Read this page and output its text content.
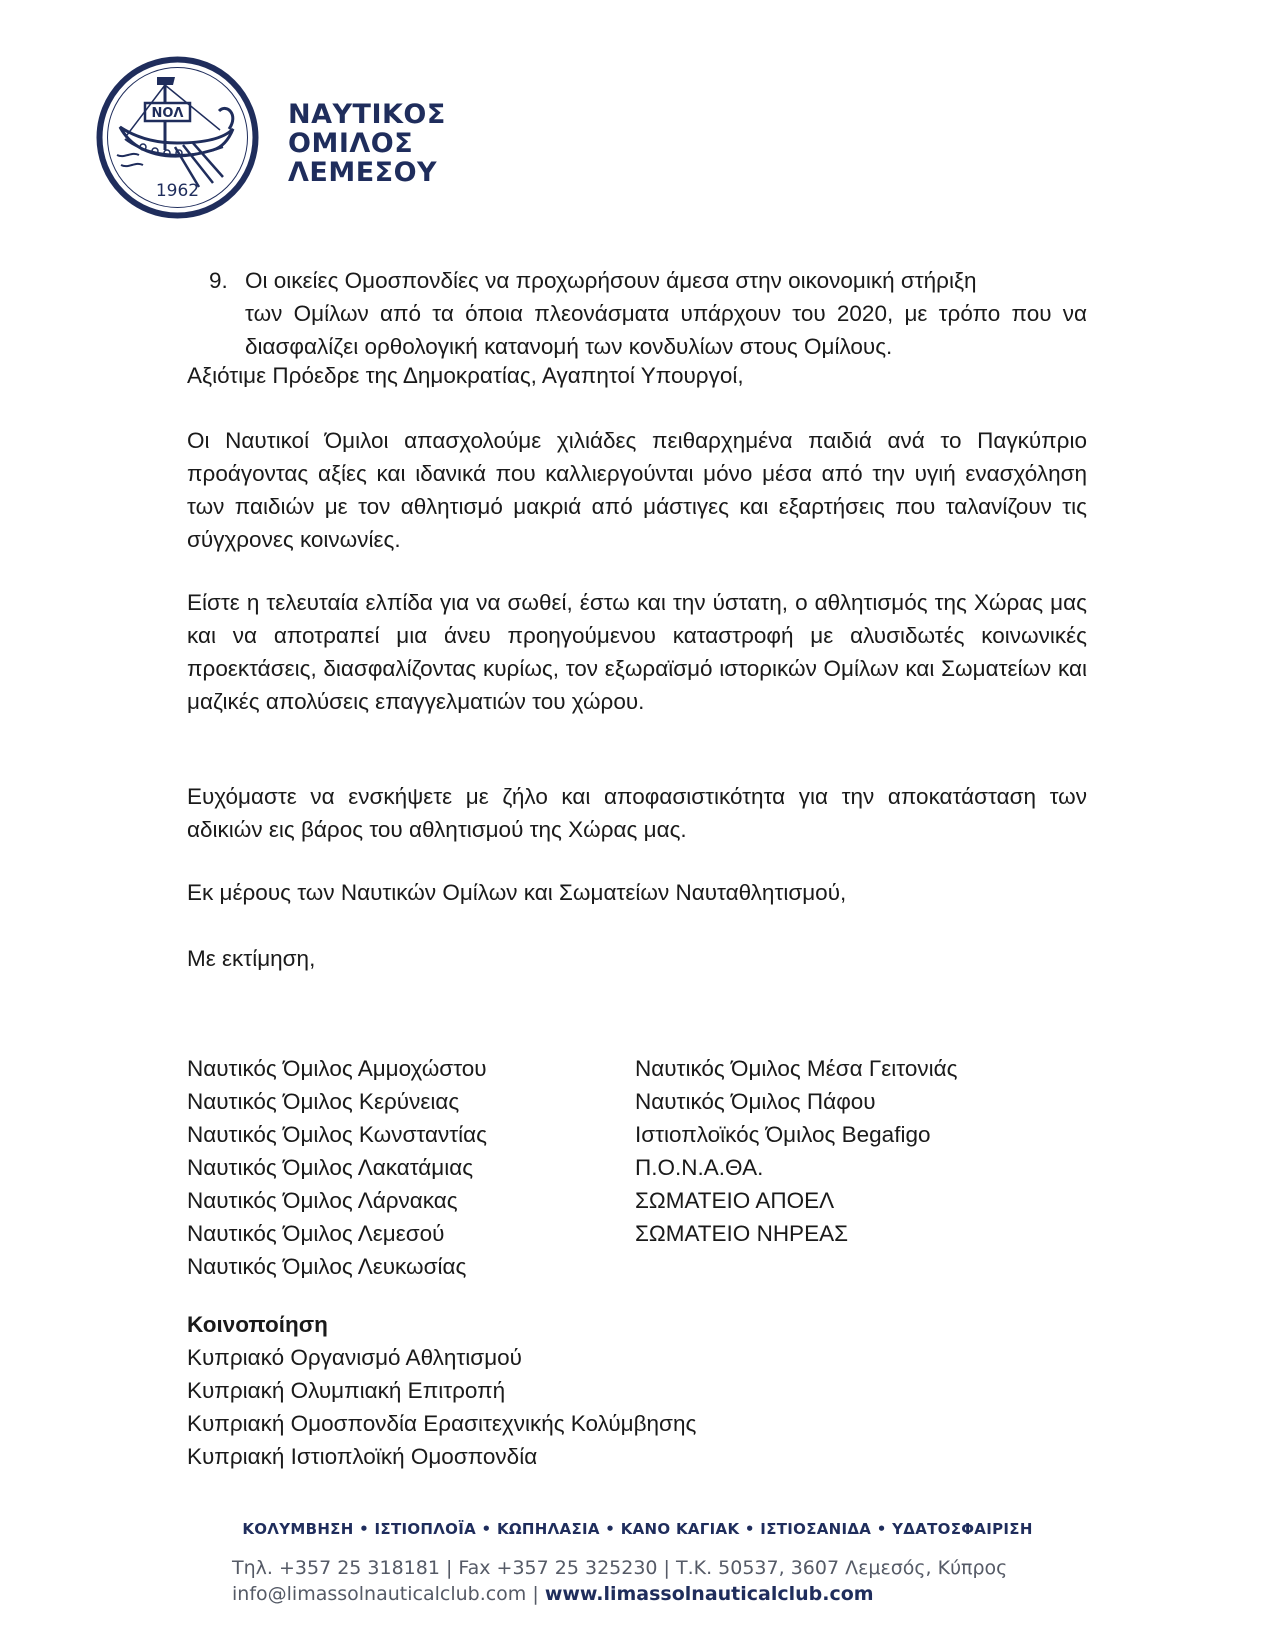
ΝΟΛ
1962
ΝΑΥΤΙΚΟΣ
ΟΜΙΛΟΣ
ΛΕΜΕΣΟΥ
9. Οι οικείες Ομοσπονδίες να προχωρήσουν άμεσα στην οικονομική στήριξη
των Ομίλων από τα όποια πλεονάσματα υπάρχουν του 2020, με τρόπο που να διασφαλίζει ορθολογική κατανομή των κονδυλίων στους Ομίλους.
Αξιότιμε Πρόεδρε της Δημοκρατίας, Αγαπητοί Υπουργοί,
Οι Ναυτικοί Όμιλοι απασχολούμε χιλιάδες πειθαρχημένα παιδιά ανά το Παγκύπριο προάγοντας αξίες και ιδανικά που καλλιεργούνται μόνο μέσα από την υγιή ενασχόληση των παιδιών με τον αθλητισμό μακριά από μάστιγες και εξαρτήσεις που ταλανίζουν τις σύγχρονες κοινωνίες.
Είστε η τελευταία ελπίδα για να σωθεί, έστω και την ύστατη, ο αθλητισμός της Χώρας μας και να αποτραπεί μια άνευ προηγούμενου καταστροφή με αλυσιδωτές κοινωνικές προεκτάσεις, διασφαλίζοντας κυρίως, τον εξωραϊσμό ιστορικών Ομίλων και Σωματείων και μαζικές απολύσεις επαγγελματιών του χώρου.
Ευχόμαστε να ενσκήψετε με ζήλο και αποφασιστικότητα για την αποκατάσταση των αδικιών εις βάρος του αθλητισμού της Χώρας μας.
Εκ μέρους των Ναυτικών Ομίλων και Σωματείων Ναυταθλητισμού,
Με εκτίμηση,
Ναυτικός Όμιλος Αμμοχώστου
Ναυτικός Όμιλος Κερύνειας
Ναυτικός Όμιλος Κωνσταντίας
Ναυτικός Όμιλος Λακατάμιας
Ναυτικός Όμιλος Λάρνακας
Ναυτικός Όμιλος Λεμεσού
Ναυτικός Όμιλος Λευκωσίας
Ναυτικός Όμιλος Μέσα Γειτονιάς
Ναυτικός Όμιλος Πάφου
Ιστιοπλοϊκός Όμιλος Begafigo
Π.Ο.Ν.Α.ΘΑ.
ΣΩΜΑΤΕΙΟ ΑΠΟΕΛ
ΣΩΜΑΤΕΙΟ ΝΗΡΕΑΣ
Κοινοποίηση
Κυπριακό Οργανισμό Αθλητισμού
Κυπριακή Ολυμπιακή Επιτροπή
Κυπριακή Ομοσπονδία Ερασιτεχνικής Κολύμβησης
Κυπριακή Ιστιοπλοϊκή Ομοσπονδία
ΚΟΛΥΜΒΗΣΗ • ΙΣΤΙΟΠΛΟΪΑ • ΚΩΠΗΛΑΣΙΑ • ΚΑΝΟ ΚΑΓΙΑΚ • ΙΣΤΙΟΣΑΝΙΔΑ • ΥΔΑΤΟΣΦΑΙΡΙΣΗ
Τηλ. +357 25 318181 | Fax +357 25 325230 | Τ.Κ. 50537, 3607 Λεμεσός, Κύπρος
info@limassolnauticalclub.com | www.limassolnauticalclub.com
